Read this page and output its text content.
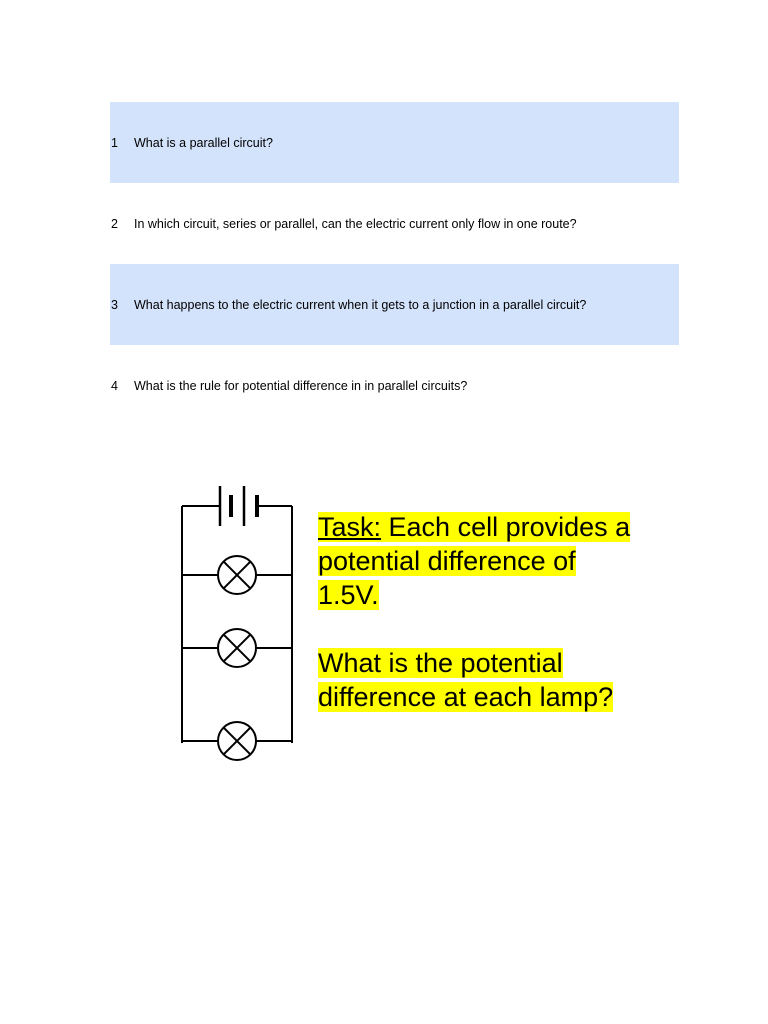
1	What is a parallel circuit?
2	In which circuit, series or parallel, can the electric current only flow in one route?
3	What happens to the electric current when it gets to a junction in a parallel circuit?
4	What is the rule for potential difference in in parallel circuits?
Task: Each cell provides a
potential difference of
1.5V.
What is the potential
difference at each lamp?
